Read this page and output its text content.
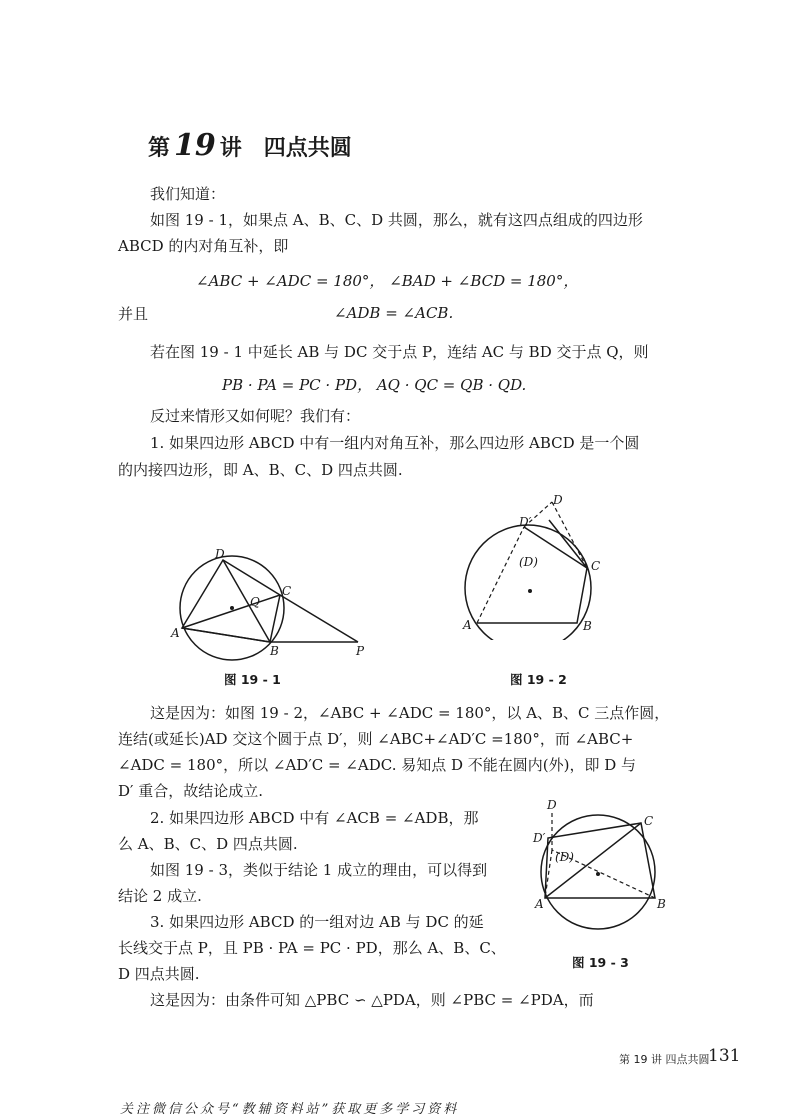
第 19 讲 四点共圆
我们知道：
如图 19 - 1，如果点 A、B、C、D 共圆，那么，就有这四点组成的四边形
ABCD 的内对角互补，即
∠ABC + ∠ADC = 180°， ∠BAD + ∠BCD = 180°，
并且	∠ADB = ∠ACB.
若在图 19 - 1 中延长 AB 与 DC 交于点 P，连结 AC 与 BD 交于点 Q，则
PB · PA = PC · PD， AQ · QC = QB · QD.
反过来情形又如何呢？我们有：
1. 如果四边形 ABCD 中有一组内对角互补，那么四边形 ABCD 是一个圆
的内接四边形，即 A、B、C、D 四点共圆.
D
C
Q
A
B	P
图 19 - 1
D
D′
(D)	C
A	B
图 19 - 2
这是因为：如图 19 - 2，∠ABC + ∠ADC = 180°，以 A、B、C 三点作圆，
连结(或延长)AD 交这个圆于点 D′，则 ∠ABC+∠AD′C =180°，而 ∠ABC+
∠ADC = 180°，所以 ∠AD′C = ∠ADC. 易知点 D 不能在圆内(外)，即 D 与
D′ 重合，故结论成立.
2. 如果四边形 ABCD 中有 ∠ACB = ∠ADB，那
么 A、B、C、D 四点共圆.
如图 19 - 3，类似于结论 1 成立的理由，可以得到
结论 2 成立.
3. 如果四边形 ABCD 的一组对边 AB 与 DC 的延
长线交于点 P，且 PB · PA = PC · PD，那么 A、B、C、
D 四点共圆.
D
D′
(D)
C
A	B
图 19 - 3
这是因为：由条件可知 △PBC ∽ △PDA，则 ∠PBC = ∠PDA，而
第 19 讲 四点共圆
131
关注微信公众号“教辅资料站”获取更多学习资料
